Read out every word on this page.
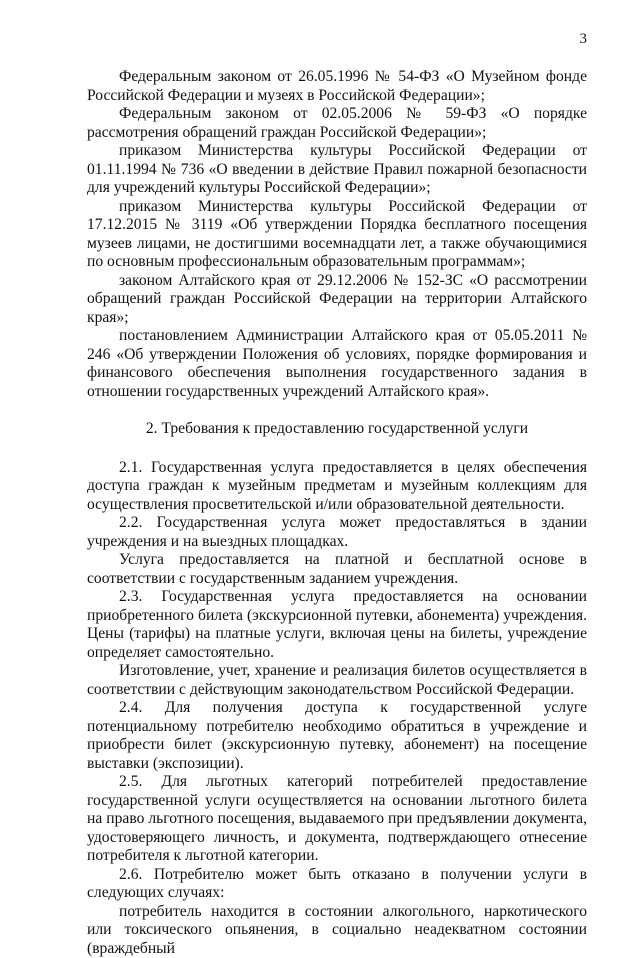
3

Федеральным законом от 26.05.1996 № 54-ФЗ «О Музейном фонде Российской Федерации и музеях в Российской Федерации»;

Федеральным законом от 02.05.2006 № 59-ФЗ «О порядке рассмотрения обращений граждан Российской Федерации»;

приказом Министерства культуры Российской Федерации от 01.11.1994 № 736 «О введении в действие Правил пожарной безопасности для учреждений культуры Российской Федерации»;

приказом Министерства культуры Российской Федерации от 17.12.2015 № 3119 «Об утверждении Порядка бесплатного посещения музеев лицами, не достигшими восемнадцати лет, а также обучающимися по основным профессиональным образовательным программам»;

законом Алтайского края от 29.12.2006 № 152-ЗС «О рассмотрении обращений граждан Российской Федерации на территории Алтайского края»;

постановлением Администрации Алтайского края от 05.05.2011 № 246 «Об утверждении Положения об условиях, порядке формирования и финансового обеспечения выполнения государственного задания в отношении государственных учреждений Алтайского края».

2. Требования к предоставлению государственной услуги

2.1. Государственная услуга предоставляется в целях обеспечения доступа граждан к музейным предметам и музейным коллекциям для осуществления просветительской и/или образовательной деятельности.

2.2. Государственная услуга может предоставляться в здании учреждения и на выездных площадках.

Услуга предоставляется на платной и бесплатной основе в соответствии с государственным заданием учреждения.

2.3. Государственная услуга предоставляется на основании приобретенного билета (экскурсионной путевки, абонемента) учреждения. Цены (тарифы) на платные услуги, включая цены на билеты, учреждение определяет самостоятельно.

Изготовление, учет, хранение и реализация билетов осуществляется в соответствии с действующим законодательством Российской Федерации.

2.4. Для получения доступа к государственной услуге потенциальному потребителю необходимо обратиться в учреждение и приобрести билет (экскурсионную путевку, абонемент) на посещение выставки (экспозиции).

2.5. Для льготных категорий потребителей предоставление государственной услуги осуществляется на основании льготного билета на право льготного посещения, выдаваемого при предъявлении документа, удостоверяющего личность, и документа, подтверждающего отнесение потребителя к льготной категории.

2.6. Потребителю может быть отказано в получении услуги в следующих случаях:

потребитель находится в состоянии алкогольного, наркотического или токсического опьянения, в социально неадекватном состоянии (враждебный
